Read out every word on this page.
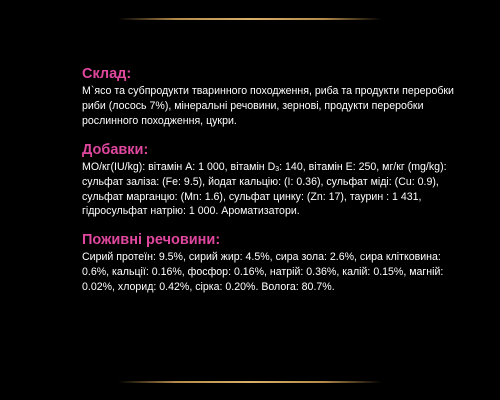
Склад:

М`ясо та субпродукти тваринного походження, риба та продукти переробки риби (лосось 7%), мінеральні речовини, зернові, продукти переробки рослинного походження, цукри.

Добавки:

МО/кг(IU/kg): вітамін A: 1 000, вітамін $D_3$: 140, вітамін E: 250, мг/кг (mg/kg): сульфат заліза: (Fe: 9.5), йодат кальцію: (I: 0.36), сульфат міді: (Cu: 0.9), сульфат марганцю: (Mn: 1.6), сульфат цинку: (Zn: 17), таурин : 1 431, гідросульфат натрію: 1 000. Ароматизатори.

Поживні речовини:

Сирий протеїн: 9.5%, сирий жир: 4.5%, сира зола: 2.6%, сира клітковина: 0.6%, кальції: 0.16%, фосфор: 0.16%, натрій: 0.36%, калій: 0.15%, магній: 0.02%, хлорид: 0.42%, сірка: 0.20%. Волога: 80.7%.
